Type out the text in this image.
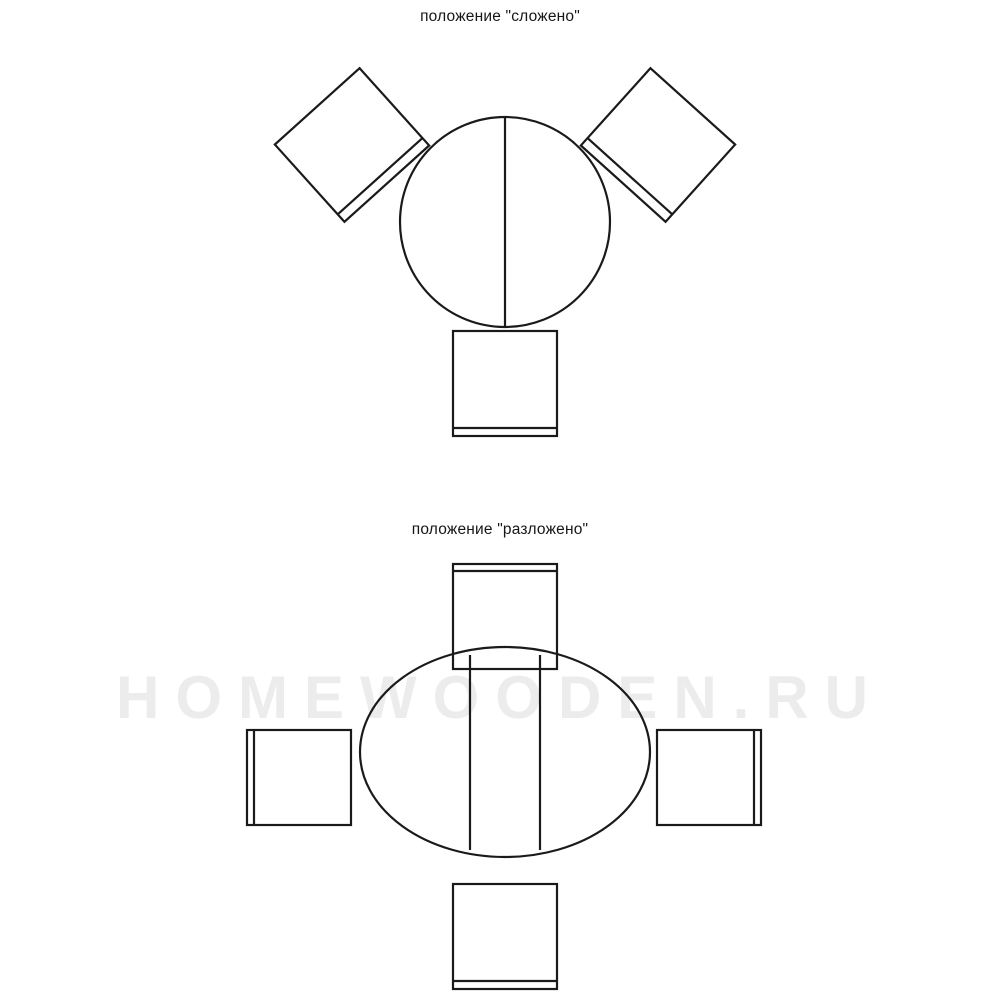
положение "сложено"
HOMEWOODEN.RU
положение "разложено"
